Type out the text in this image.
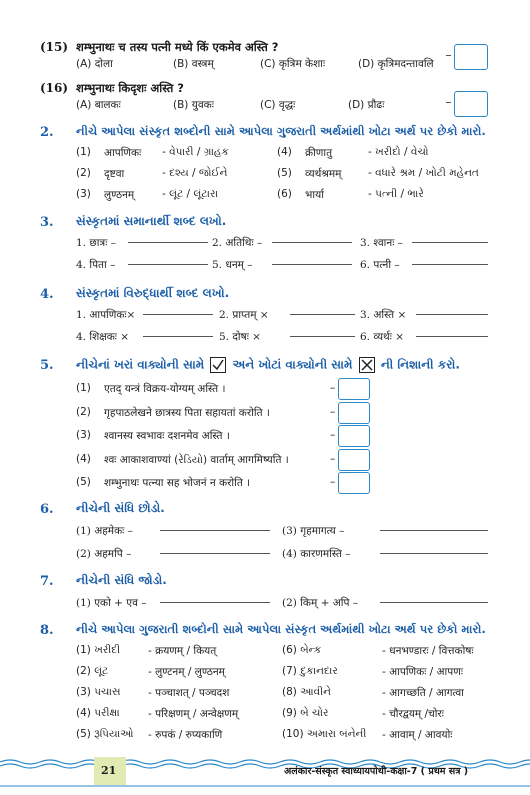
(15) शम्भुनाथः च तस्य पत्नी मध्ये किं एकमेव अस्ति ?
(A) दोला	(B) वस्त्रम्	(C) कृत्रिम केशाः	(D) कृत्रिमदन्तावलि
(16) शम्भुनाथः किदृशः अस्ति ?
(A) बालकः	(B) युवकः	(C) वृद्धः	(D) प्रौढः
2. નીચે આપેલા સંસ્કૃત શબ્દોની સામે આપેલા ગુજરાતી અર્થમાંથી ખોટા અર્થ પર છેકો મારો.
3. સંસ્કૃતમાં સમાનાર્થી શબ્દ લખો.
1. छात्रः –	2. अतिथिः –	3. श्वानः –
4. पिता –	5. धनम् –	6. पत्नी –
4. સંસ્કૃતમાં વિરુદ્ધાર્થી શબ્દ લખો.
1. आपणिकः×	2. प्राप्तम् ×	3. अस्ति ×
4. शिक्षकः ×	5. दोषः ×	6. व्यर्थः ×
5. નીચેનાં ખરાં વાક્યોની સામે અને ખોટાં વાક્યોની સામે ની નિશાની કરો.
6. નીચેની સંધિ છોડો.
(1) अहमेकः –	(3) गृहमागत्य –
(2) अहमपि –	(4) कारणमस्ति –
7. નીચેની સંધિ જોડો.
(1) एको + एव –	(2) किम् + अपि –
8. નીચે આપેલા ગુજરાતી શબ્દોની સામે આપેલા સંસ્કૃત અર્થમાંથી ખોટા અર્થ પર છેકો મારો.
21	अलंकार-संस्कृत स्वाध्यायपोथी-कक्षा-7 ( प्रथम सत्र )
(1) आपणिकः - વેપારી / ગ્રાહક	(4) क्रीणातु	- ખરીદો / વેચો
(2) दृष्टवा	- દશ્ય / જોઈને	(5) व्यर्थश्रमम्	- વધારે શ્રમ / ખોટી મહેનત
(3) लुण्ठनम्	- લૂંટ / લૂંટારા	(6) भार्या	- પત્ની / ભારે
(1) एतद् यन्त्रं विक्रय-योग्यम् अस्ति ।	–
(2) गृहपाठलेखने छात्रस्य पिता सहायतां करोति ।	–
(3) श्वानस्य स्वभावः दशनमेव अस्ति ।	–
(4) श्वः आकाशवाण्यां (રેડિયો) वार्ताम् आगमिष्यति ।	–
(5) शम्भुनाथः पत्न्या सह भोजनं न करोति ।	–
(1) ખરીદી	- क्रयणम् / कियत्	(6) બેન્ક	- धनभण्डारः / वित्तकोषः
(2) લૂંટ	- लुण्टनम् / लुण्ठनम्	(7) દુકાનદાર	- आपणिकः / आपणः
(3) પચાસ	- पञ्चाशत् / पञ्चदश	(8) આવીને	- आगच्छति / आगत्वा
(4) પરીક્ષા	- परिक्षणम् / अन्वेक्षणम्	(9) બે ચોર	- चौरद्वयम् /चोरः
(5) રૂપિયાઓ - रुपकं / रुप्यकाणि	(10) અમારા બંનેની - आवाम् / आवयोः
